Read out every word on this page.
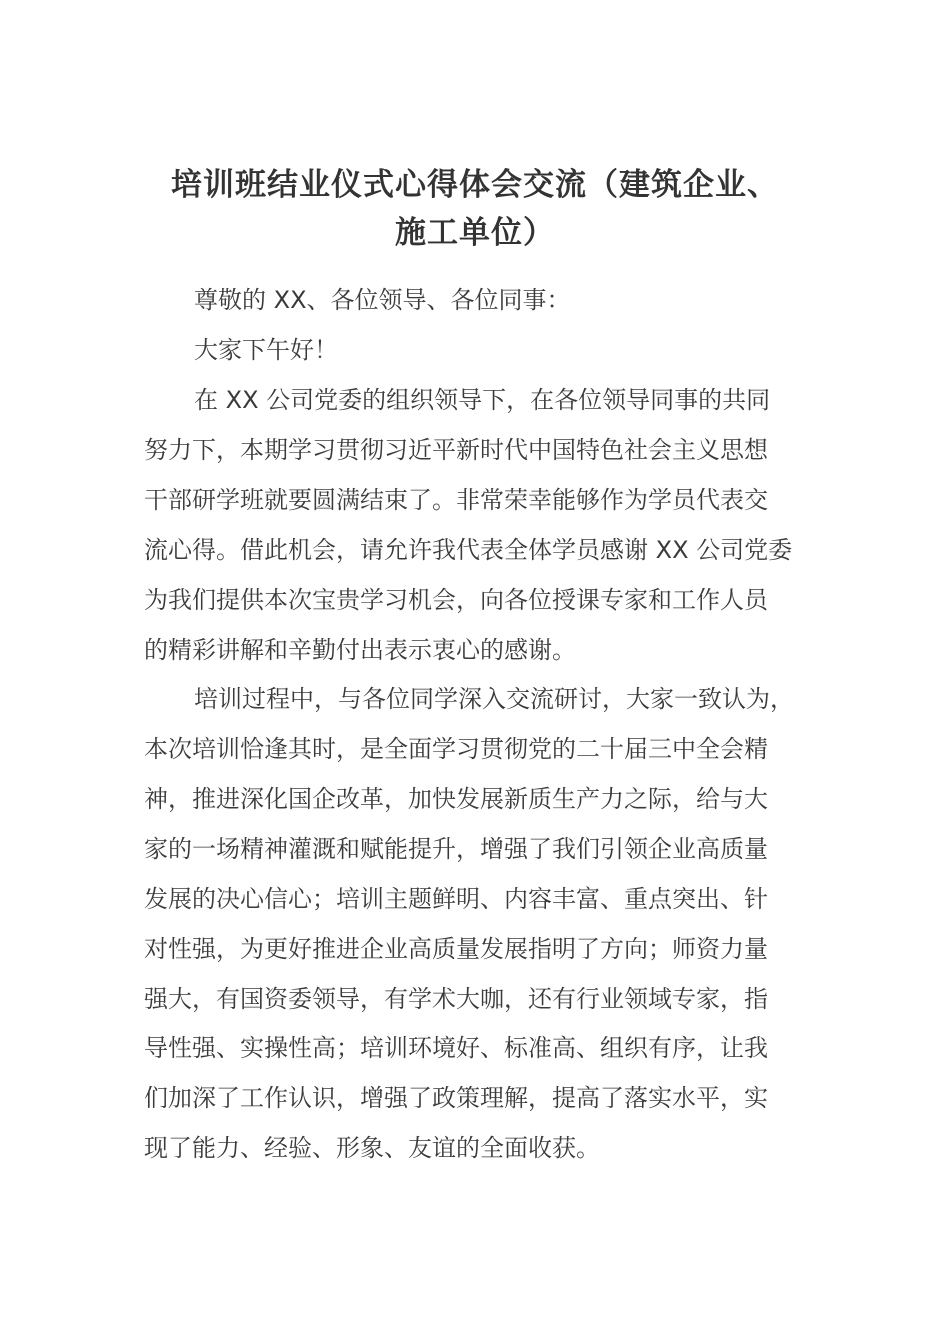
培训班结业仪式心得体会交流（建筑企业、
施工单位）

尊敬的 XX、各位领导、各位同事：

大家下午好！

在 XX 公司党委的组织领导下，在各位领导同事的共同

努力下，本期学习贯彻习近平新时代中国特色社会主义思想

干部研学班就要圆满结束了。非常荣幸能够作为学员代表交

流心得。借此机会，请允许我代表全体学员感谢 XX 公司党委

为我们提供本次宝贵学习机会，向各位授课专家和工作人员

的精彩讲解和辛勤付出表示衷心的感谢。

培训过程中，与各位同学深入交流研讨，大家一致认为，

本次培训恰逢其时，是全面学习贯彻党的二十届三中全会精

神，推进深化国企改革，加快发展新质生产力之际，给与大

家的一场精神灌溉和赋能提升，增强了我们引领企业高质量

发展的决心信心；培训主题鲜明、内容丰富、重点突出、针

对性强，为更好推进企业高质量发展指明了方向；师资力量

强大，有国资委领导，有学术大咖，还有行业领域专家，指

导性强、实操性高；培训环境好、标准高、组织有序，让我

们加深了工作认识，增强了政策理解，提高了落实水平，实

现了能力、经验、形象、友谊的全面收获。
